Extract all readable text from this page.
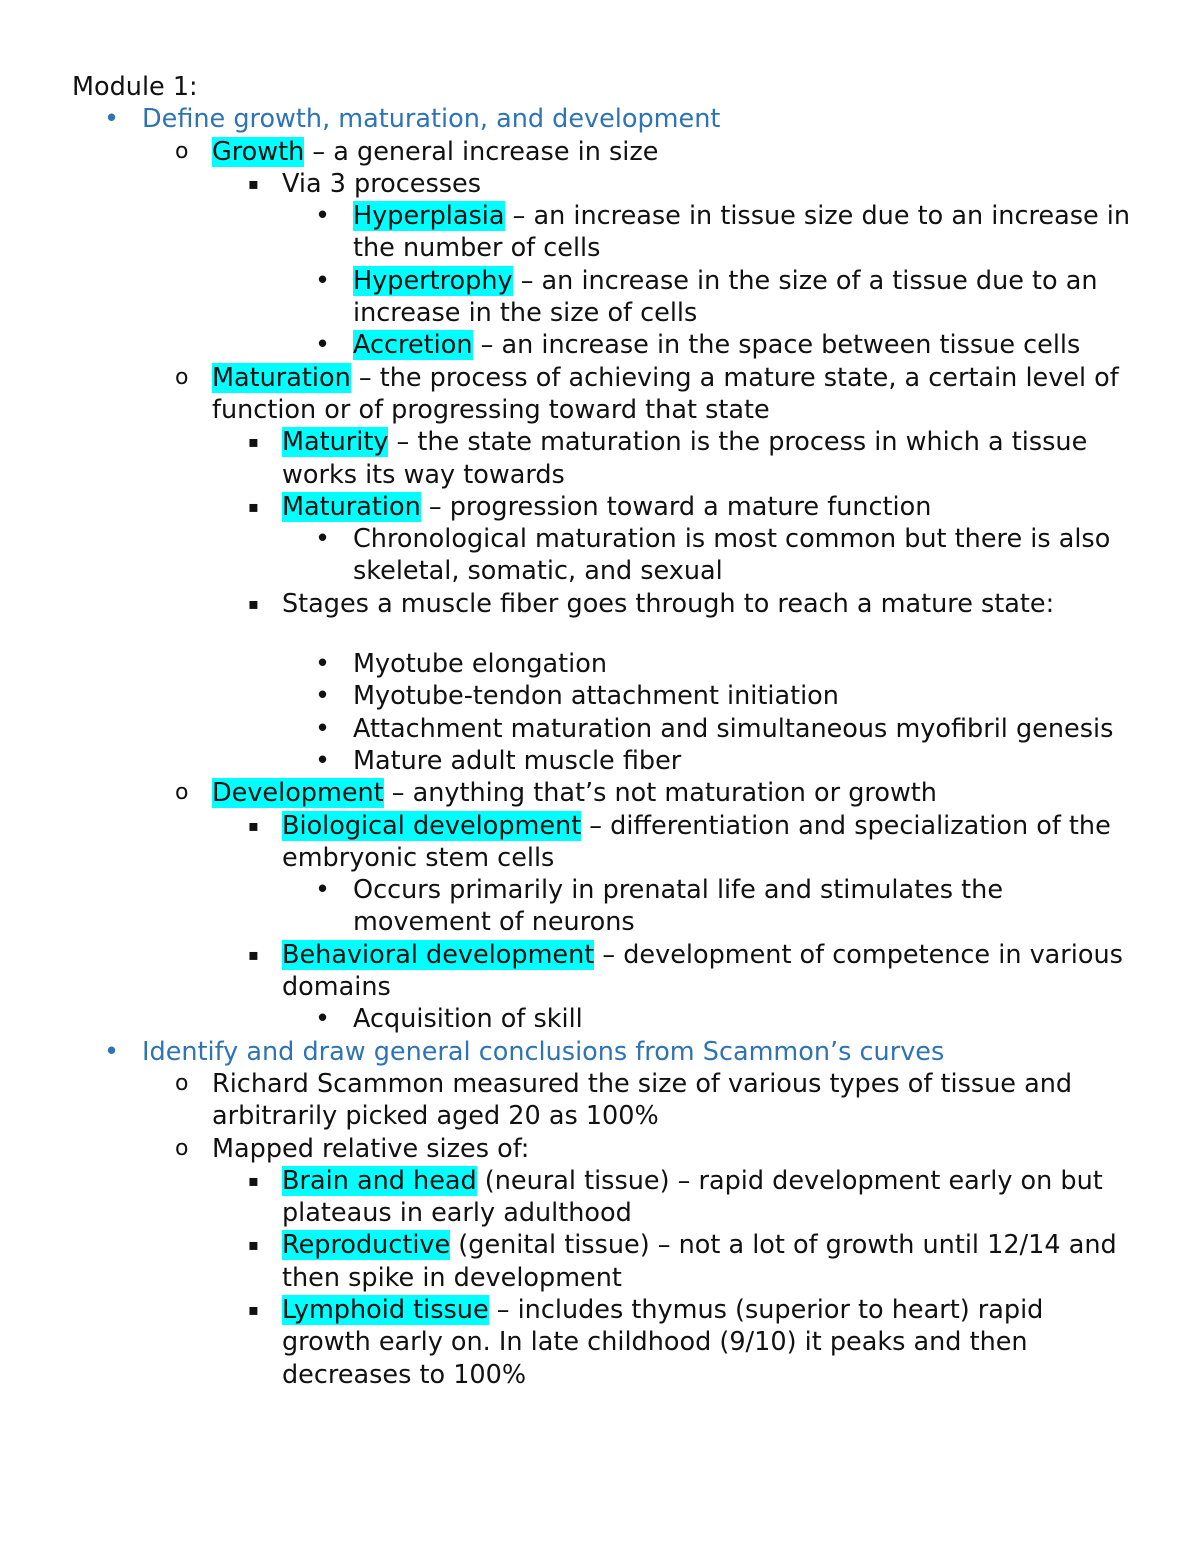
Module 1:
• Define growth, maturation, and development
o Growth – a general increase in size
▪ Via 3 processes
• Hyperplasia – an increase in tissue size due to an increase in the number of cells
• Hypertrophy – an increase in the size of a tissue due to an increase in the size of cells
• Accretion – an increase in the space between tissue cells
o Maturation – the process of achieving a mature state, a certain level of function or of progressing toward that state
▪ Maturity – the state maturation is the process in which a tissue works its way towards
▪ Maturation – progression toward a mature function
• Chronological maturation is most common but there is also skeletal, somatic, and sexual
▪ Stages a muscle fiber goes through to reach a mature state:
• Myotube elongation
• Myotube-tendon attachment initiation
• Attachment maturation and simultaneous myofibril genesis
• Mature adult muscle fiber
o Development – anything that’s not maturation or growth
▪ Biological development – differentiation and specialization of the embryonic stem cells
• Occurs primarily in prenatal life and stimulates the movement of neurons
▪ Behavioral development – development of competence in various domains
• Acquisition of skill
• Identify and draw general conclusions from Scammon’s curves
o Richard Scammon measured the size of various types of tissue and arbitrarily picked aged 20 as 100%
o Mapped relative sizes of:
▪ Brain and head (neural tissue) – rapid development early on but plateaus in early adulthood
▪ Reproductive (genital tissue) – not a lot of growth until 12/14 and then spike in development
▪ Lymphoid tissue – includes thymus (superior to heart) rapid growth early on. In late childhood (9/10) it peaks and then decreases to 100%
